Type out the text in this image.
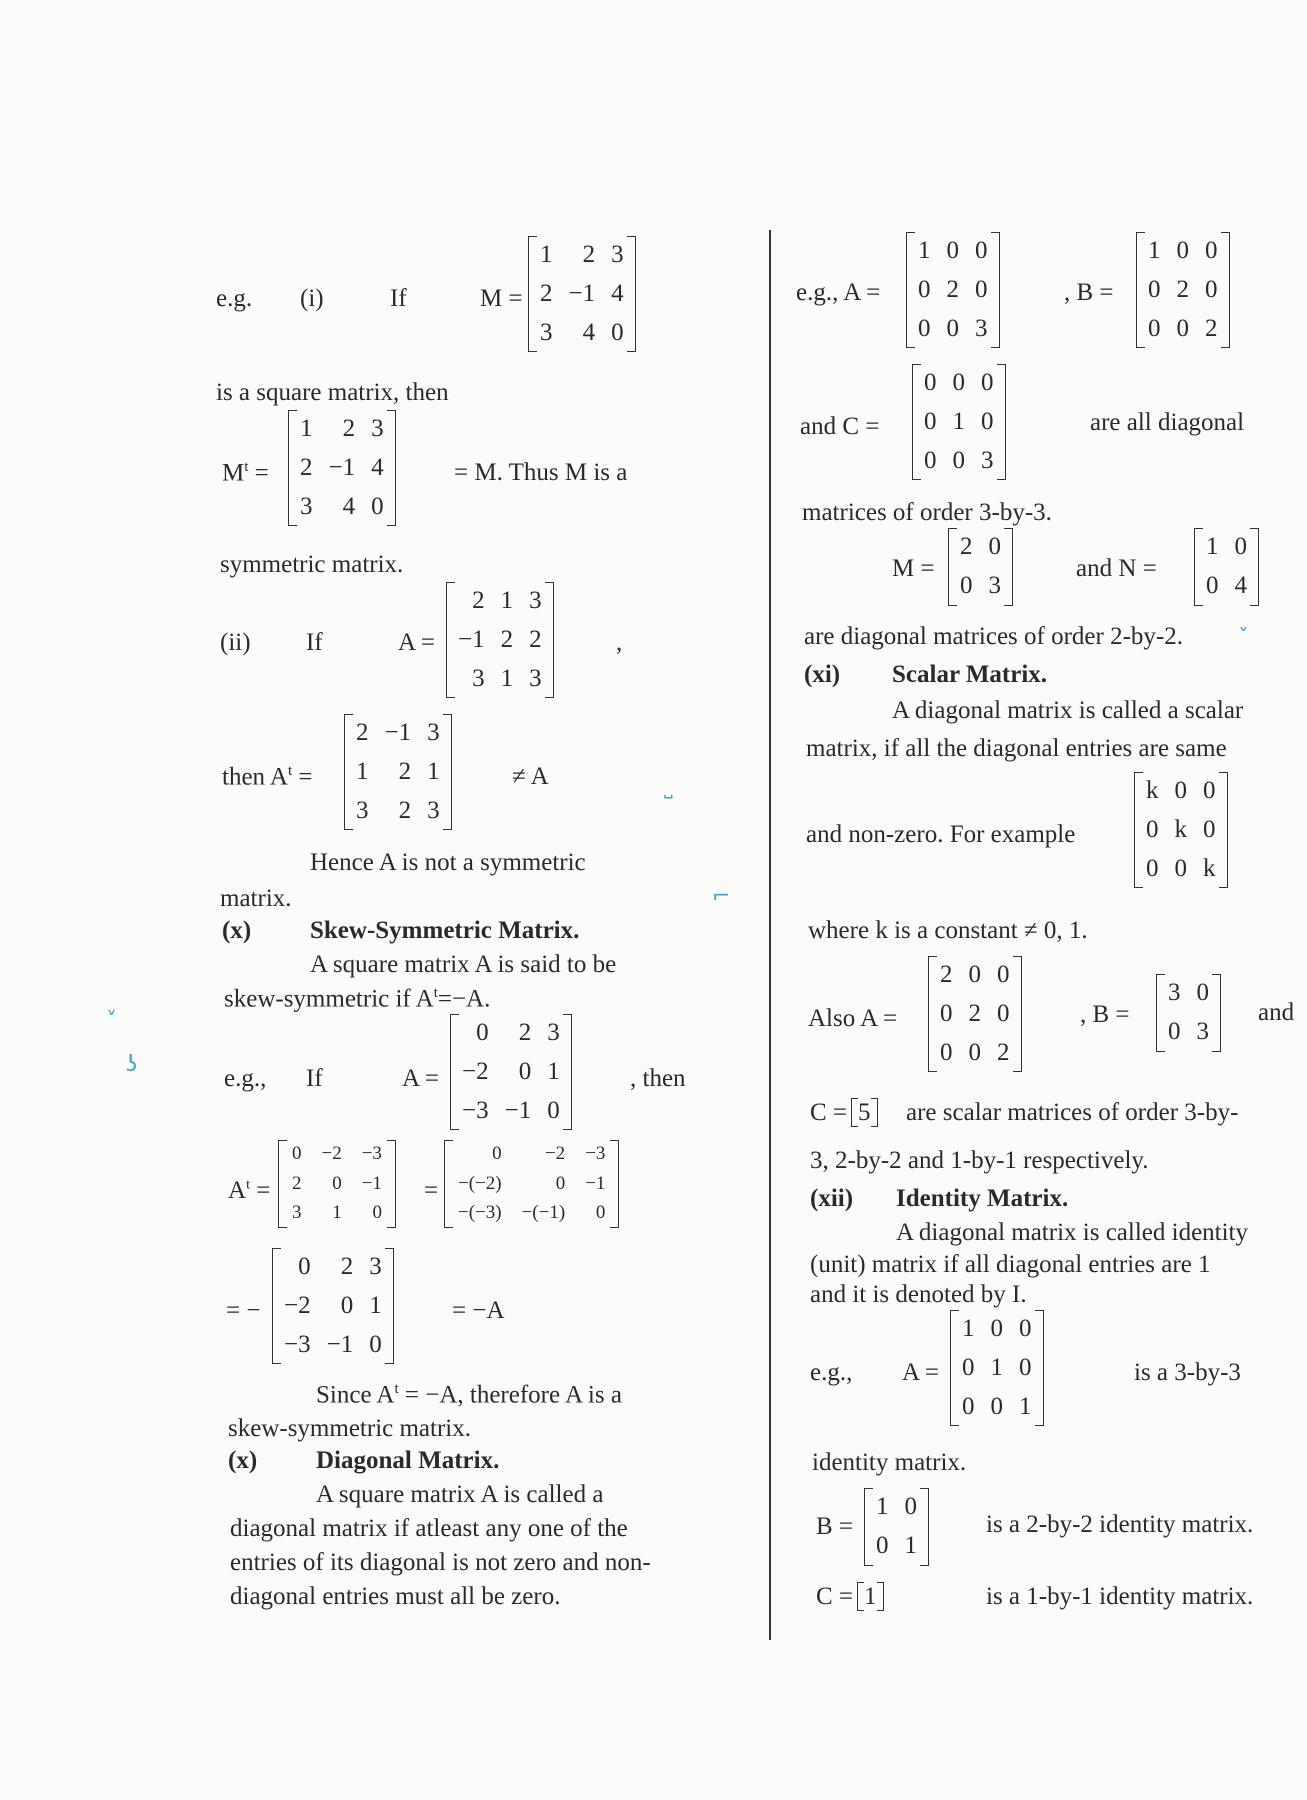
e.g. (i)	If	M =
1	2	3
2	−1	4
3	4	0
is a square matrix, then
$M^t$ =
1	2	3
2	−1	4
3	4	0
= M. Thus M is a
symmetric matrix.
(ii) If	A =
2	1	3
−1	2	2
3	1	3
,
then $A^t$ =
2	−1	3
1	2	1
3	2	3
≠ A
Hence A is not a symmetric
matrix.
(x) Skew-Symmetric Matrix.
A square matrix A is said to be
skew-symmetric if $A^t=-A$.
e.g., If	A =
0	2	3
−2	0	1
−3	−1	0
, then
$A^t$ =
0	−2	−3
2	0	−1
3	1	0
=
0	−2	−3
−(−2)	0	−1
−(−3)	−(−1)	0
= −
0	2	3
−2	0	1
−3	−1	0
= −A
Since $A^t = -A$, therefore A is a
skew-symmetric matrix.
(x) Diagonal Matrix.
A square matrix A is called a
diagonal matrix if atleast any one of the
entries of its diagonal is not zero and non-
diagonal entries must all be zero.
e.g., A =
1	0	0
0	2	0
0	0	3
, B =
1	0	0
0	2	0
0	0	2
and C =
0	0	0
0	1	0
0	0	3
are all diagonal
matrices of order 3-by-3.
M =
2	0
0	3
and N =
1	0
0	4
are diagonal matrices of order 2-by-2.
(xi) Scalar Matrix.
A diagonal matrix is called a scalar
matrix, if all the diagonal entries are same
and non-zero. For example
k	0	0
0	k	0
0	0	k
where k is a constant ≠ 0, 1.
Also A =
2	0	0
0	2	0
0	0	2
, B =
3	0
0	3
and
C = 5 are scalar matrices of order 3-by-
3, 2-by-2 and 1-by-1 respectively.
(xii) Identity Matrix.
A diagonal matrix is called identity
(unit) matrix if all diagonal entries are 1
and it is denoted by I.
e.g., A =
1	0	0
0	1	0
0	0	1
is a 3-by-3
identity matrix.
B =
1	0
0	1
is a 2-by-2 identity matrix.
C = 1	is a 1-by-1 identity matrix.
˽
⌐
ˬ
ʖ
ˇ
